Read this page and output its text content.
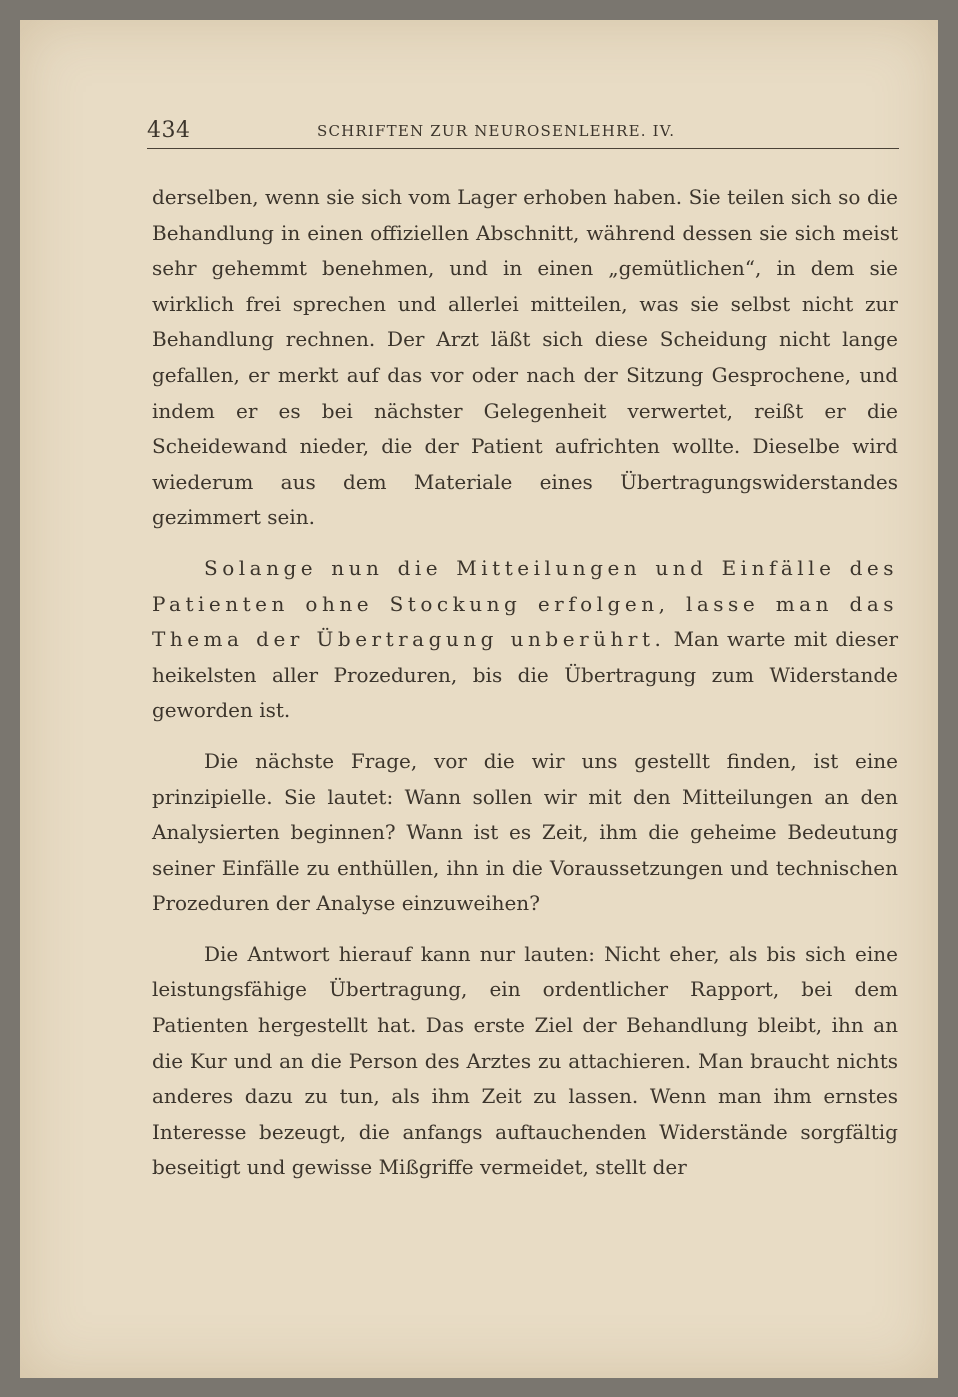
434	SCHRIFTEN ZUR NEUROSENLEHRE. IV.

derselben, wenn sie sich vom Lager erhoben haben. Sie teilen sich so die Behandlung in einen offiziellen Abschnitt, während dessen sie sich meist sehr gehemmt benehmen, und in einen „gemütlichen“, in dem sie wirklich frei sprechen und allerlei mitteilen, was sie selbst nicht zur Behandlung rechnen. Der Arzt läßt sich diese Scheidung nicht lange gefallen, er merkt auf das vor oder nach der Sitzung Gesprochene, und indem er es bei nächster Gelegenheit verwertet, reißt er die Scheidewand nieder, die der Patient aufrichten wollte. Dieselbe wird wiederum aus dem Materiale eines Übertragungswiderstandes gezimmert sein.

Solange nun die Mitteilungen und Einfälle des Patienten ohne Stockung erfolgen, lasse man das Thema der Übertragung unberührt. Man warte mit dieser heikelsten aller Prozeduren, bis die Übertragung zum Widerstande geworden ist.

Die nächste Frage, vor die wir uns gestellt finden, ist eine prinzipielle. Sie lautet: Wann sollen wir mit den Mitteilungen an den Analysierten beginnen? Wann ist es Zeit, ihm die geheime Bedeutung seiner Einfälle zu enthüllen, ihn in die Voraussetzungen und technischen Prozeduren der Analyse einzuweihen?

Die Antwort hierauf kann nur lauten: Nicht eher, als bis sich eine leistungsfähige Übertragung, ein ordentlicher Rapport, bei dem Patienten hergestellt hat. Das erste Ziel der Behandlung bleibt, ihn an die Kur und an die Person des Arztes zu attachieren. Man braucht nichts anderes dazu zu tun, als ihm Zeit zu lassen. Wenn man ihm ernstes Interesse bezeugt, die anfangs auftauchenden Widerstände sorgfältig beseitigt und gewisse Mißgriffe vermeidet, stellt der
